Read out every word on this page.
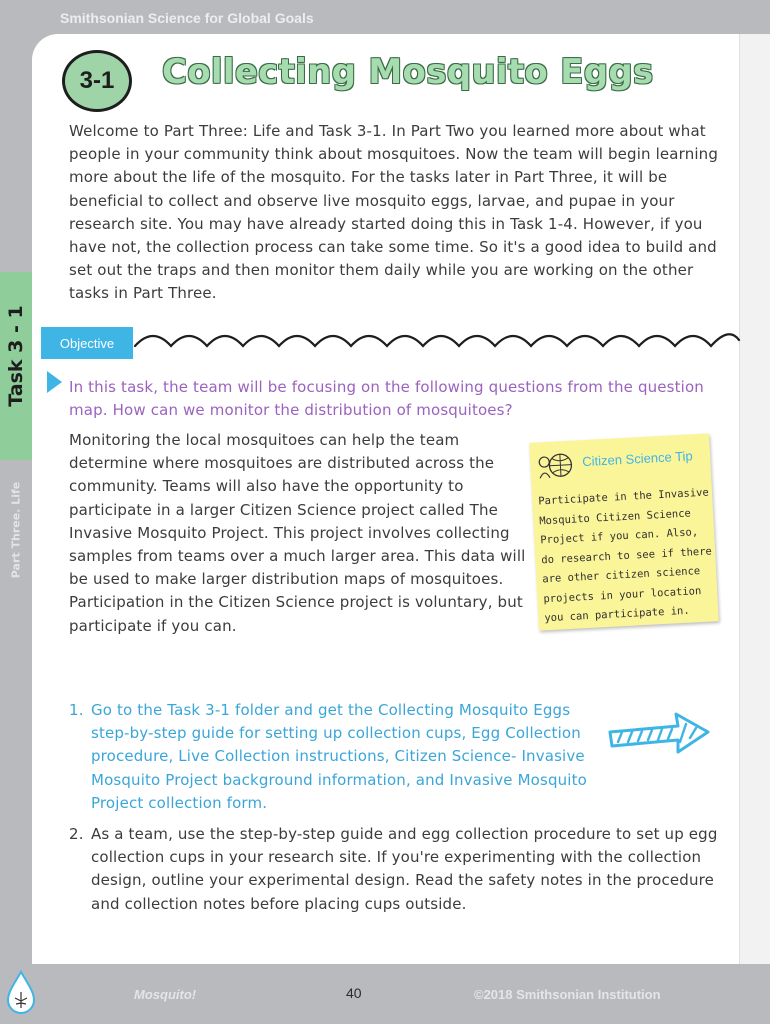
Smithsonian Science for Global Goals
3-1	Collecting Mosquito Eggs

Welcome to Part Three: Life and Task 3-1. In Part Two you learned more about what people in your community think about mosquitoes. Now the team will begin learning more about the life of the mosquito. For the tasks later in Part Three, it will be beneficial to collect and observe live mosquito eggs, larvae, and pupae in your research site. You may have already started doing this in Task 1-4. However, if you have not, the collection process can take some time. So it's a good idea to build and set out the traps and then monitor them daily while you are working on the other tasks in Part Three.

Task 3 - 1
Part Three. Life
Objective

In this task, the team will be focusing on the following questions from the question map. How can we monitor the distribution of mosquitoes?

Monitoring the local mosquitoes can help the team determine where mosquitoes are distributed across the community. Teams will also have the opportunity to participate in a larger Citizen Science project called The Invasive Mosquito Project. This project involves collecting samples from teams over a much larger area. This data will be used to make larger distribution maps of mosquitoes. Participation in the Citizen Science project is voluntary, but participate if you can.

Citizen Science Tip

Participate in the Invasive Mosquito Citizen Science Project if you can. Also, do research to see if there are other citizen science projects in your location you can participate in.

1. Go to the Task 3-1 folder and get the Collecting Mosquito Eggs step-by-step guide for setting up collection cups, Egg Collection procedure, Live Collection instructions, Citizen Science- Invasive Mosquito Project background information, and Invasive Mosquito Project collection form.
2. As a team, use the step-by-step guide and egg collection procedure to set up egg collection cups in your research site. If you're experimenting with the collection design, outline your experimental design. Read the safety notes in the procedure and collection notes before placing cups outside.
Mosquito!	40	©2018 Smithsonian Institution
